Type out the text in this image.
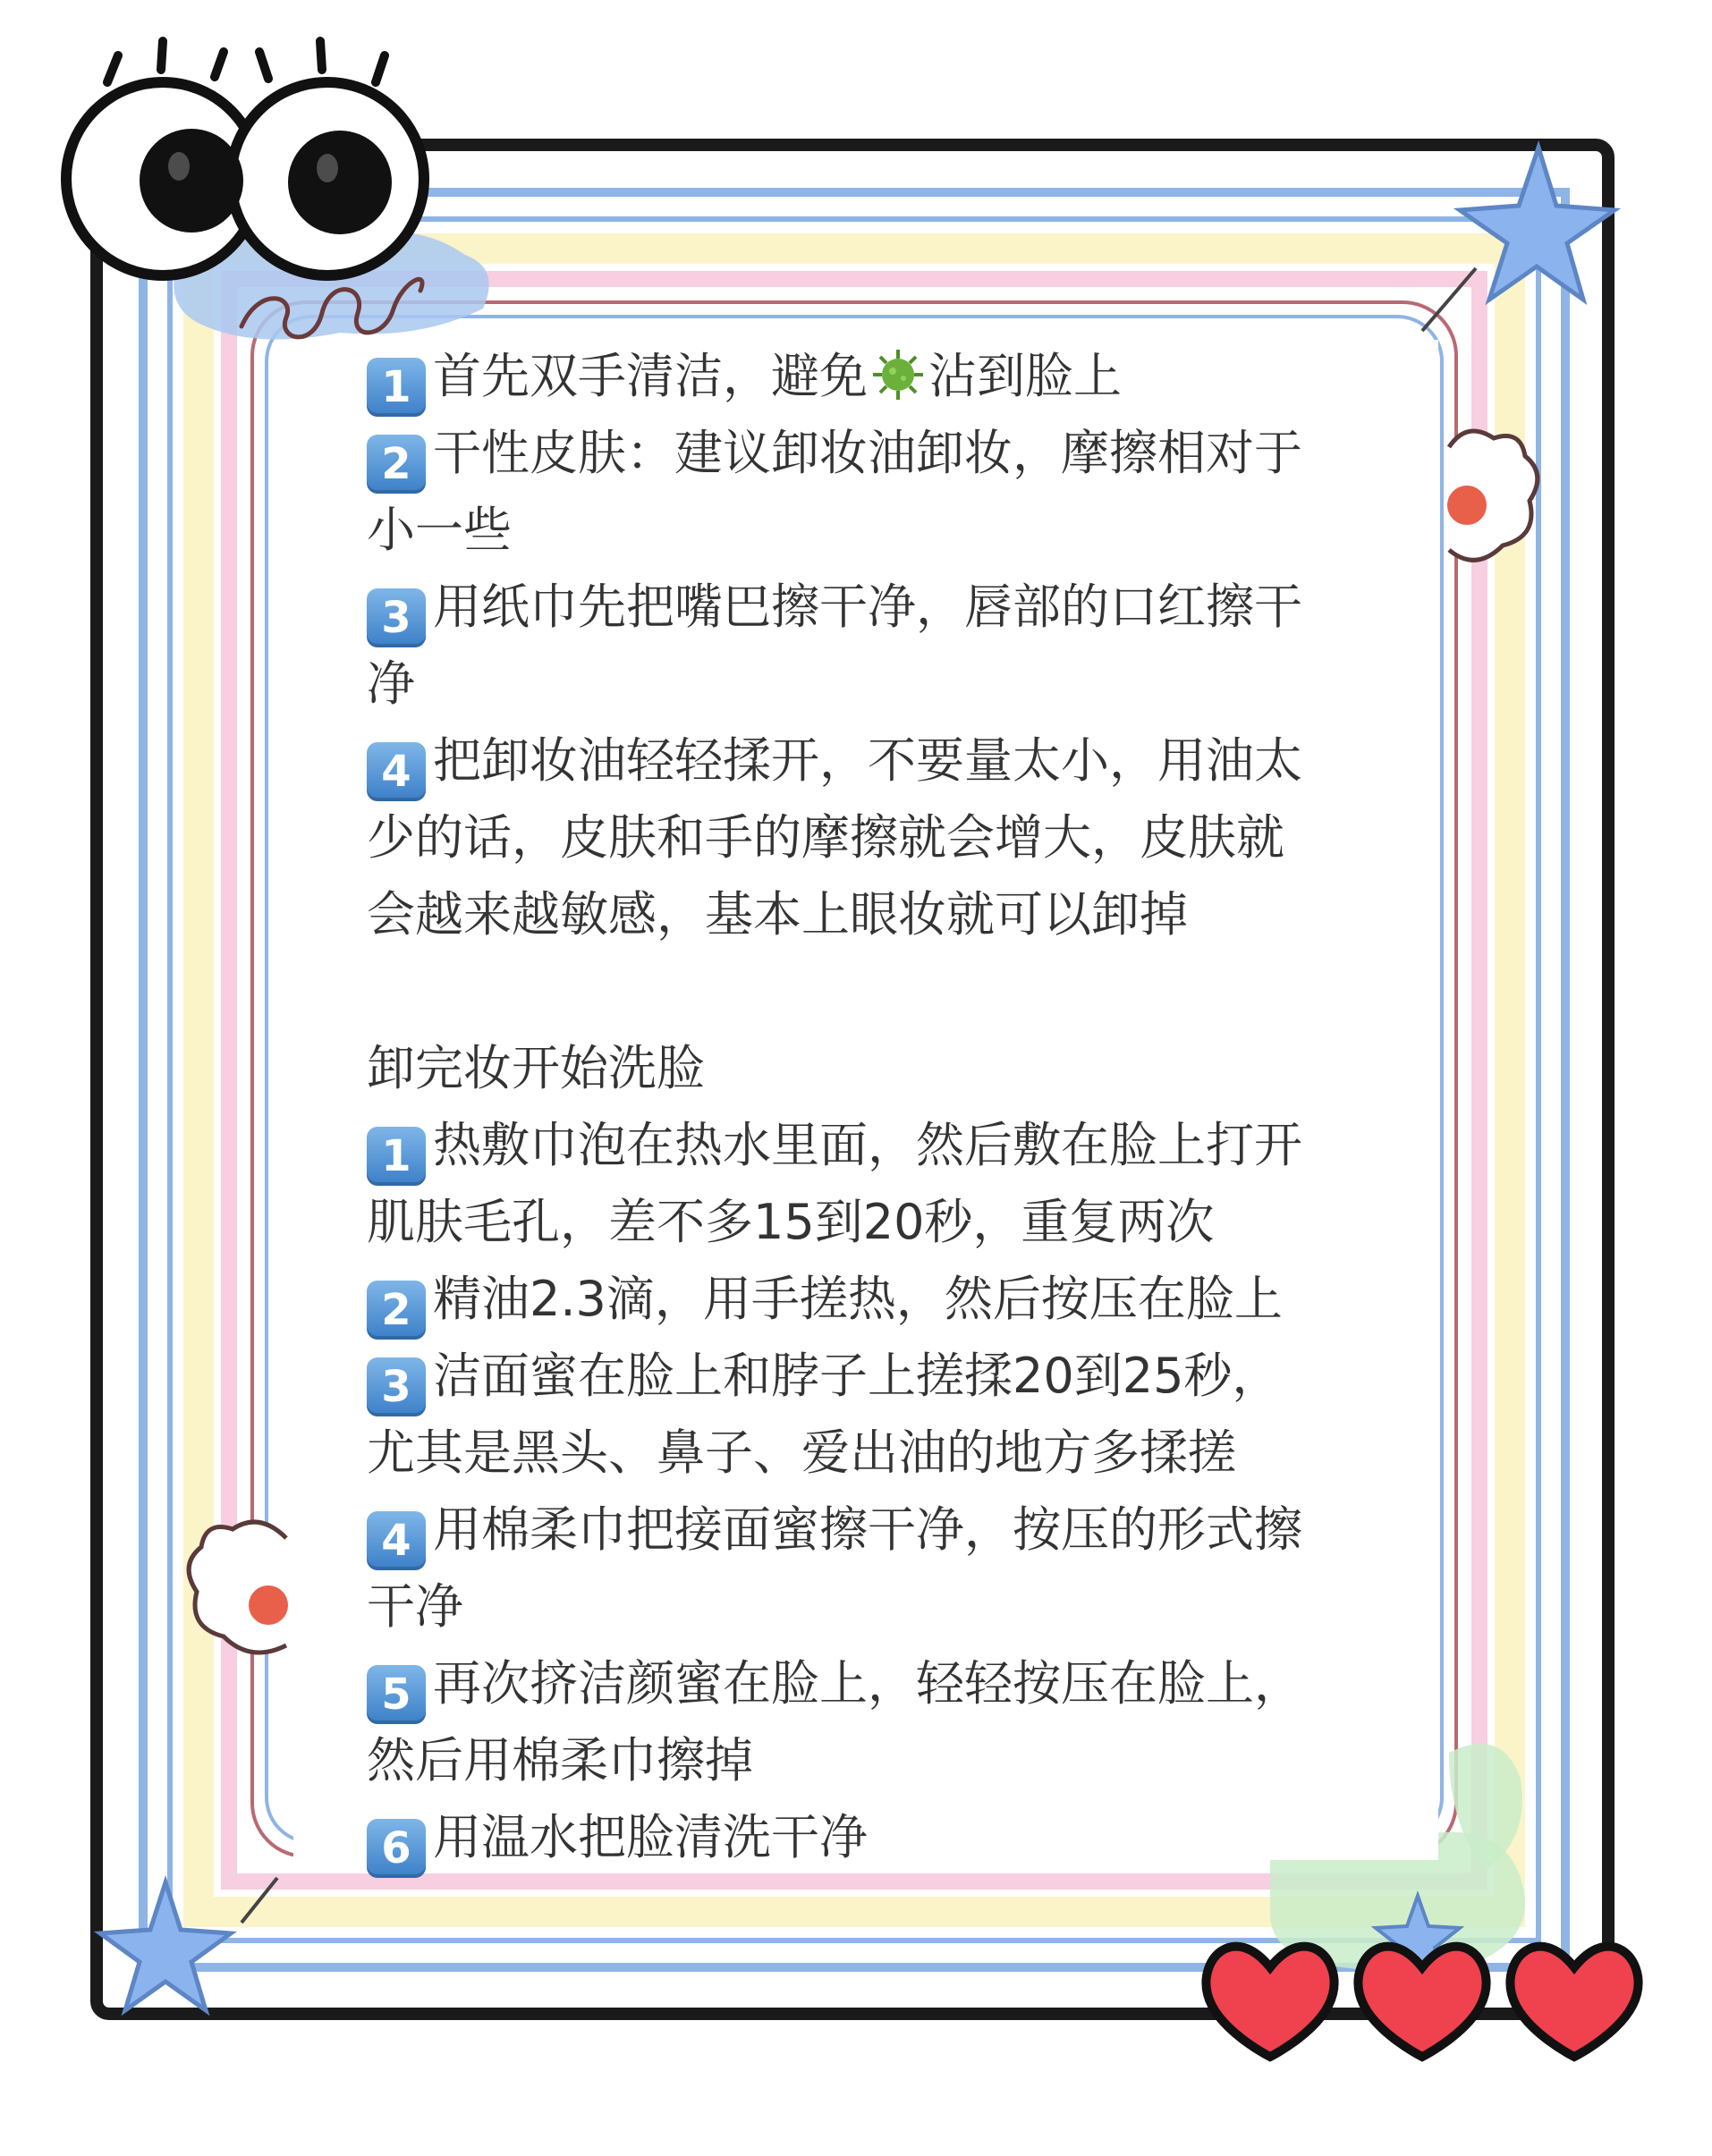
1 首先双手清洁，避免 沾到脸上
2 干性皮肤：建议卸妆油卸妆，摩擦相对于
小一些
3 用纸巾先把嘴巴擦干净，唇部的口红擦干
净
4 把卸妆油轻轻揉开，不要量太小，用油太
少的话，皮肤和手的摩擦就会增大，皮肤就
会越来越敏感，基本上眼妆就可以卸掉
卸完妆开始洗脸
1 热敷巾泡在热水里面，然后敷在脸上打开
肌肤毛孔，差不多15到20秒，重复两次
2 精油2.3滴，用手搓热，然后按压在脸上
3 洁面蜜在脸上和脖子上搓揉20到25秒，
尤其是黑头、鼻子、爱出油的地方多揉搓
4 用棉柔巾把接面蜜擦干净，按压的形式擦
干净
5 再次挤洁颜蜜在脸上，轻轻按压在脸上，
然后用棉柔巾擦掉
6 用温水把脸清洗干净
